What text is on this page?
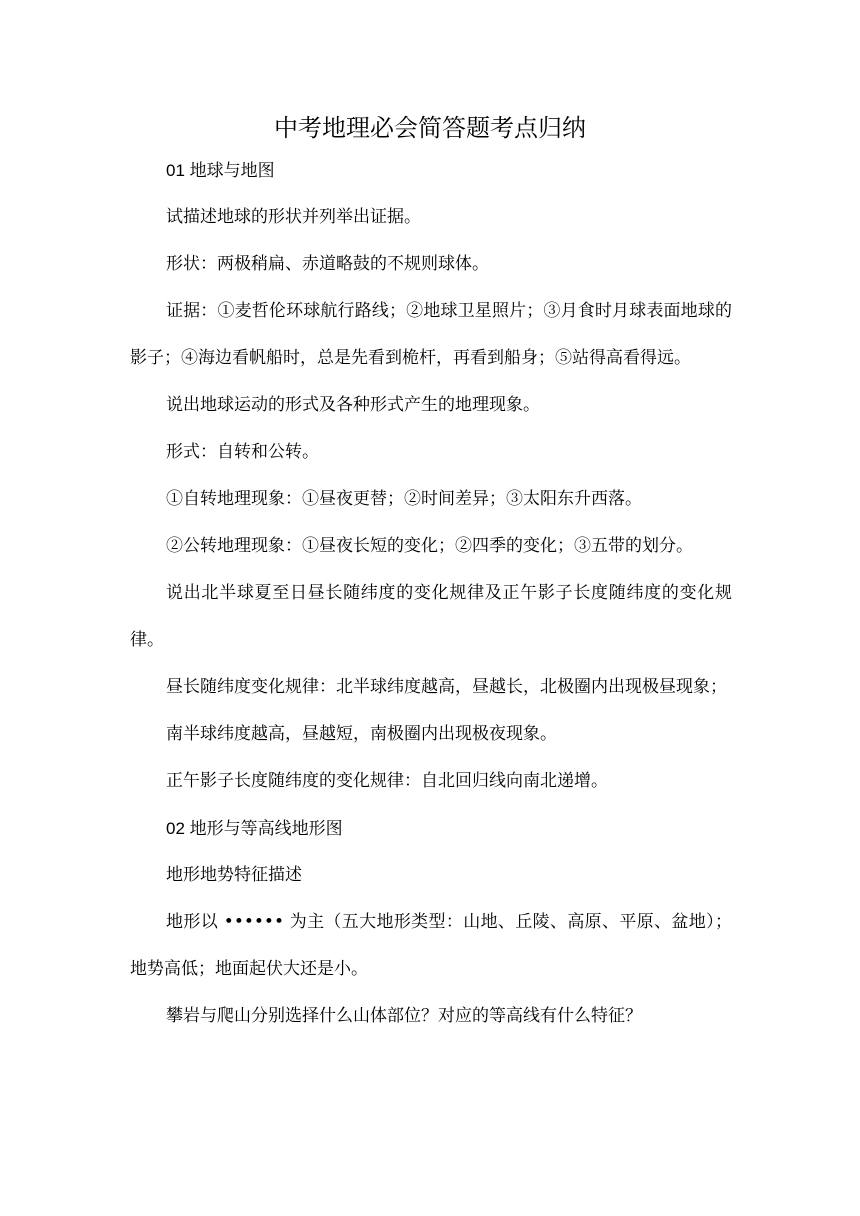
中考地理必会简答题考点归纳

01 地球与地图

试描述地球的形状并列举出证据。

形状：两极稍扁、赤道略鼓的不规则球体。

证据：①麦哲伦环球航行路线；②地球卫星照片；③月食时月球表面地球的影子；④海边看帆船时，总是先看到桅杆，再看到船身；⑤站得高看得远。

说出地球运动的形式及各种形式产生的地理现象。

形式：自转和公转。

①自转地理现象：①昼夜更替；②时间差异；③太阳东升西落。

②公转地理现象：①昼夜长短的变化；②四季的变化；③五带的划分。

说出北半球夏至日昼长随纬度的变化规律及正午影子长度随纬度的变化规律。

昼长随纬度变化规律：北半球纬度越高，昼越长，北极圈内出现极昼现象；

南半球纬度越高，昼越短，南极圈内出现极夜现象。

正午影子长度随纬度的变化规律：自北回归线向南北递增。

02 地形与等高线地形图

地形地势特征描述

地形以 •••••• 为主（五大地形类型：山地、丘陵、高原、平原、盆地）；地势高低；地面起伏大还是小。

攀岩与爬山分别选择什么山体部位？对应的等高线有什么特征？
